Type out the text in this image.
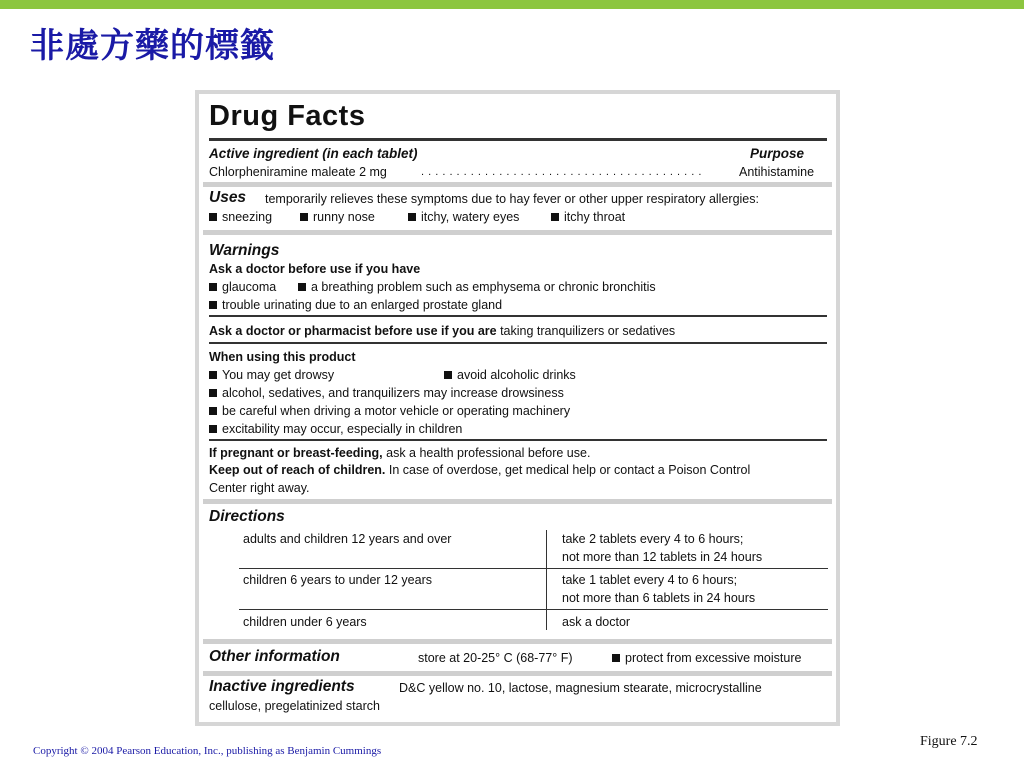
非處方藥的標籤
Drug Facts
Active ingredient (in each tablet)	Purpose
Chlorpheniramine maleate 2 mg	. . . . . . . . . . . . . . . . . . . . . . . . . . . . . . . . . . . . . . . .	Antihistamine
Uses temporarily relieves these symptoms due to hay fever or other upper respiratory allergies:
sneezing	runny nose	itchy, watery eyes	itchy throat
Warnings
Ask a doctor before use if you have
glaucoma	a breathing problem such as emphysema or chronic bronchitis
trouble urinating due to an enlarged prostate gland
Ask a doctor or pharmacist before use if you are taking tranquilizers or sedatives
When using this product
You may get drowsy	avoid alcoholic drinks
alcohol, sedatives, and tranquilizers may increase drowsiness
be careful when driving a motor vehicle or operating machinery
excitability may occur, especially in children
If pregnant or breast-feeding, ask a health professional before use.
Keep out of reach of children. In case of overdose, get medical help or contact a Poison Control
Center right away.
Directions
adults and children 12 years and over	take 2 tablets every 4 to 6 hours;
not more than 12 tablets in 24 hours
children 6 years to under 12 years	take 1 tablet every 4 to 6 hours;
not more than 6 tablets in 24 hours
children under 6 years	ask a doctor
Other information	store at 20-25° C (68-77° F)	protect from excessive moisture
Inactive ingredients	D&C yellow no. 10, lactose, magnesium stearate, microcrystalline
cellulose, pregelatinized starch
Figure 7.2
Copyright © 2004 Pearson Education, Inc., publishing as Benjamin Cummings
